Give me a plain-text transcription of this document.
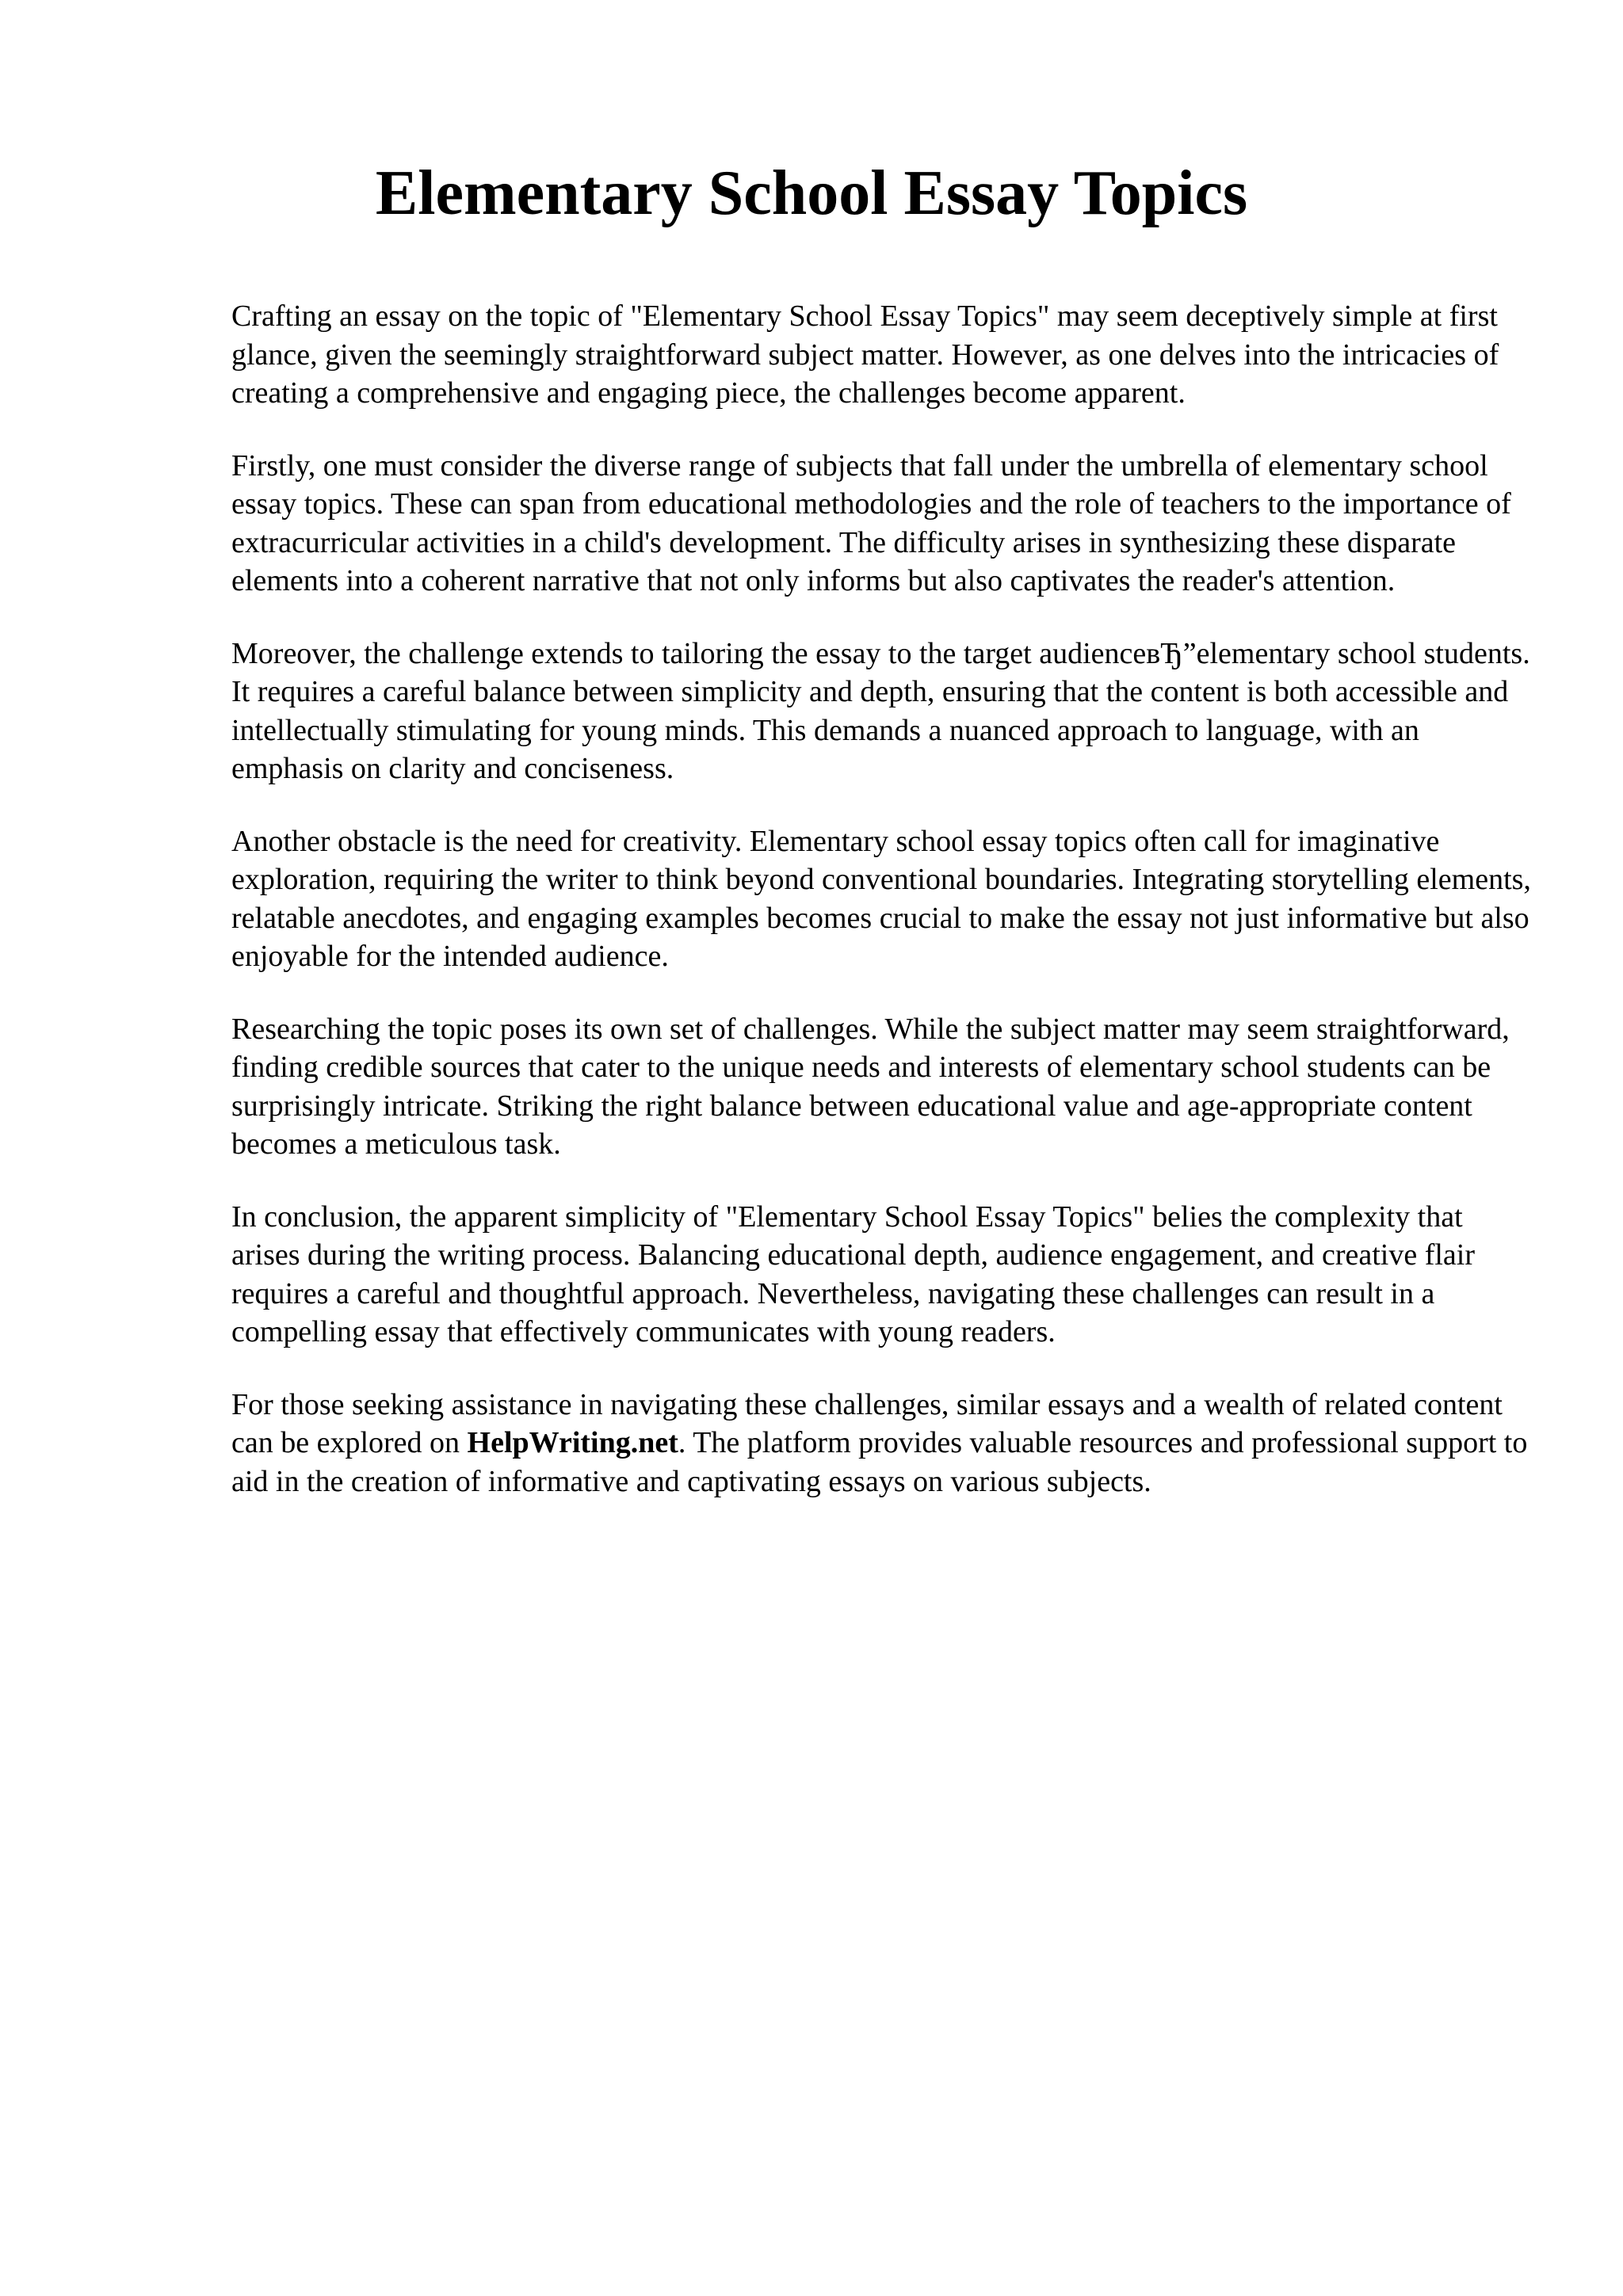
Elementary School Essay Topics

Crafting an essay on the topic of "Elementary School Essay Topics" may seem deceptively simple at first glance, given the seemingly straightforward subject matter. However, as one delves into the intricacies of creating a comprehensive and engaging piece, the challenges become apparent.

Firstly, one must consider the diverse range of subjects that fall under the umbrella of elementary school essay topics. These can span from educational methodologies and the role of teachers to the importance of extracurricular activities in a child's development. The difficulty arises in synthesizing these disparate elements into a coherent narrative that not only informs but also captivates the reader's attention.

Moreover, the challenge extends to tailoring the essay to the target audienceвЂ”elementary school students. It requires a careful balance between simplicity and depth, ensuring that the content is both accessible and intellectually stimulating for young minds. This demands a nuanced approach to language, with an emphasis on clarity and conciseness.

Another obstacle is the need for creativity. Elementary school essay topics often call for imaginative exploration, requiring the writer to think beyond conventional boundaries. Integrating storytelling elements, relatable anecdotes, and engaging examples becomes crucial to make the essay not just informative but also enjoyable for the intended audience.

Researching the topic poses its own set of challenges. While the subject matter may seem straightforward, finding credible sources that cater to the unique needs and interests of elementary school students can be surprisingly intricate. Striking the right balance between educational value and age-appropriate content becomes a meticulous task.

In conclusion, the apparent simplicity of "Elementary School Essay Topics" belies the complexity that arises during the writing process. Balancing educational depth, audience engagement, and creative flair requires a careful and thoughtful approach. Nevertheless, navigating these challenges can result in a compelling essay that effectively communicates with young readers.

For those seeking assistance in navigating these challenges, similar essays and a wealth of related content can be explored on HelpWriting.net. The platform provides valuable resources and professional support to aid in the creation of informative and captivating essays on various subjects.
